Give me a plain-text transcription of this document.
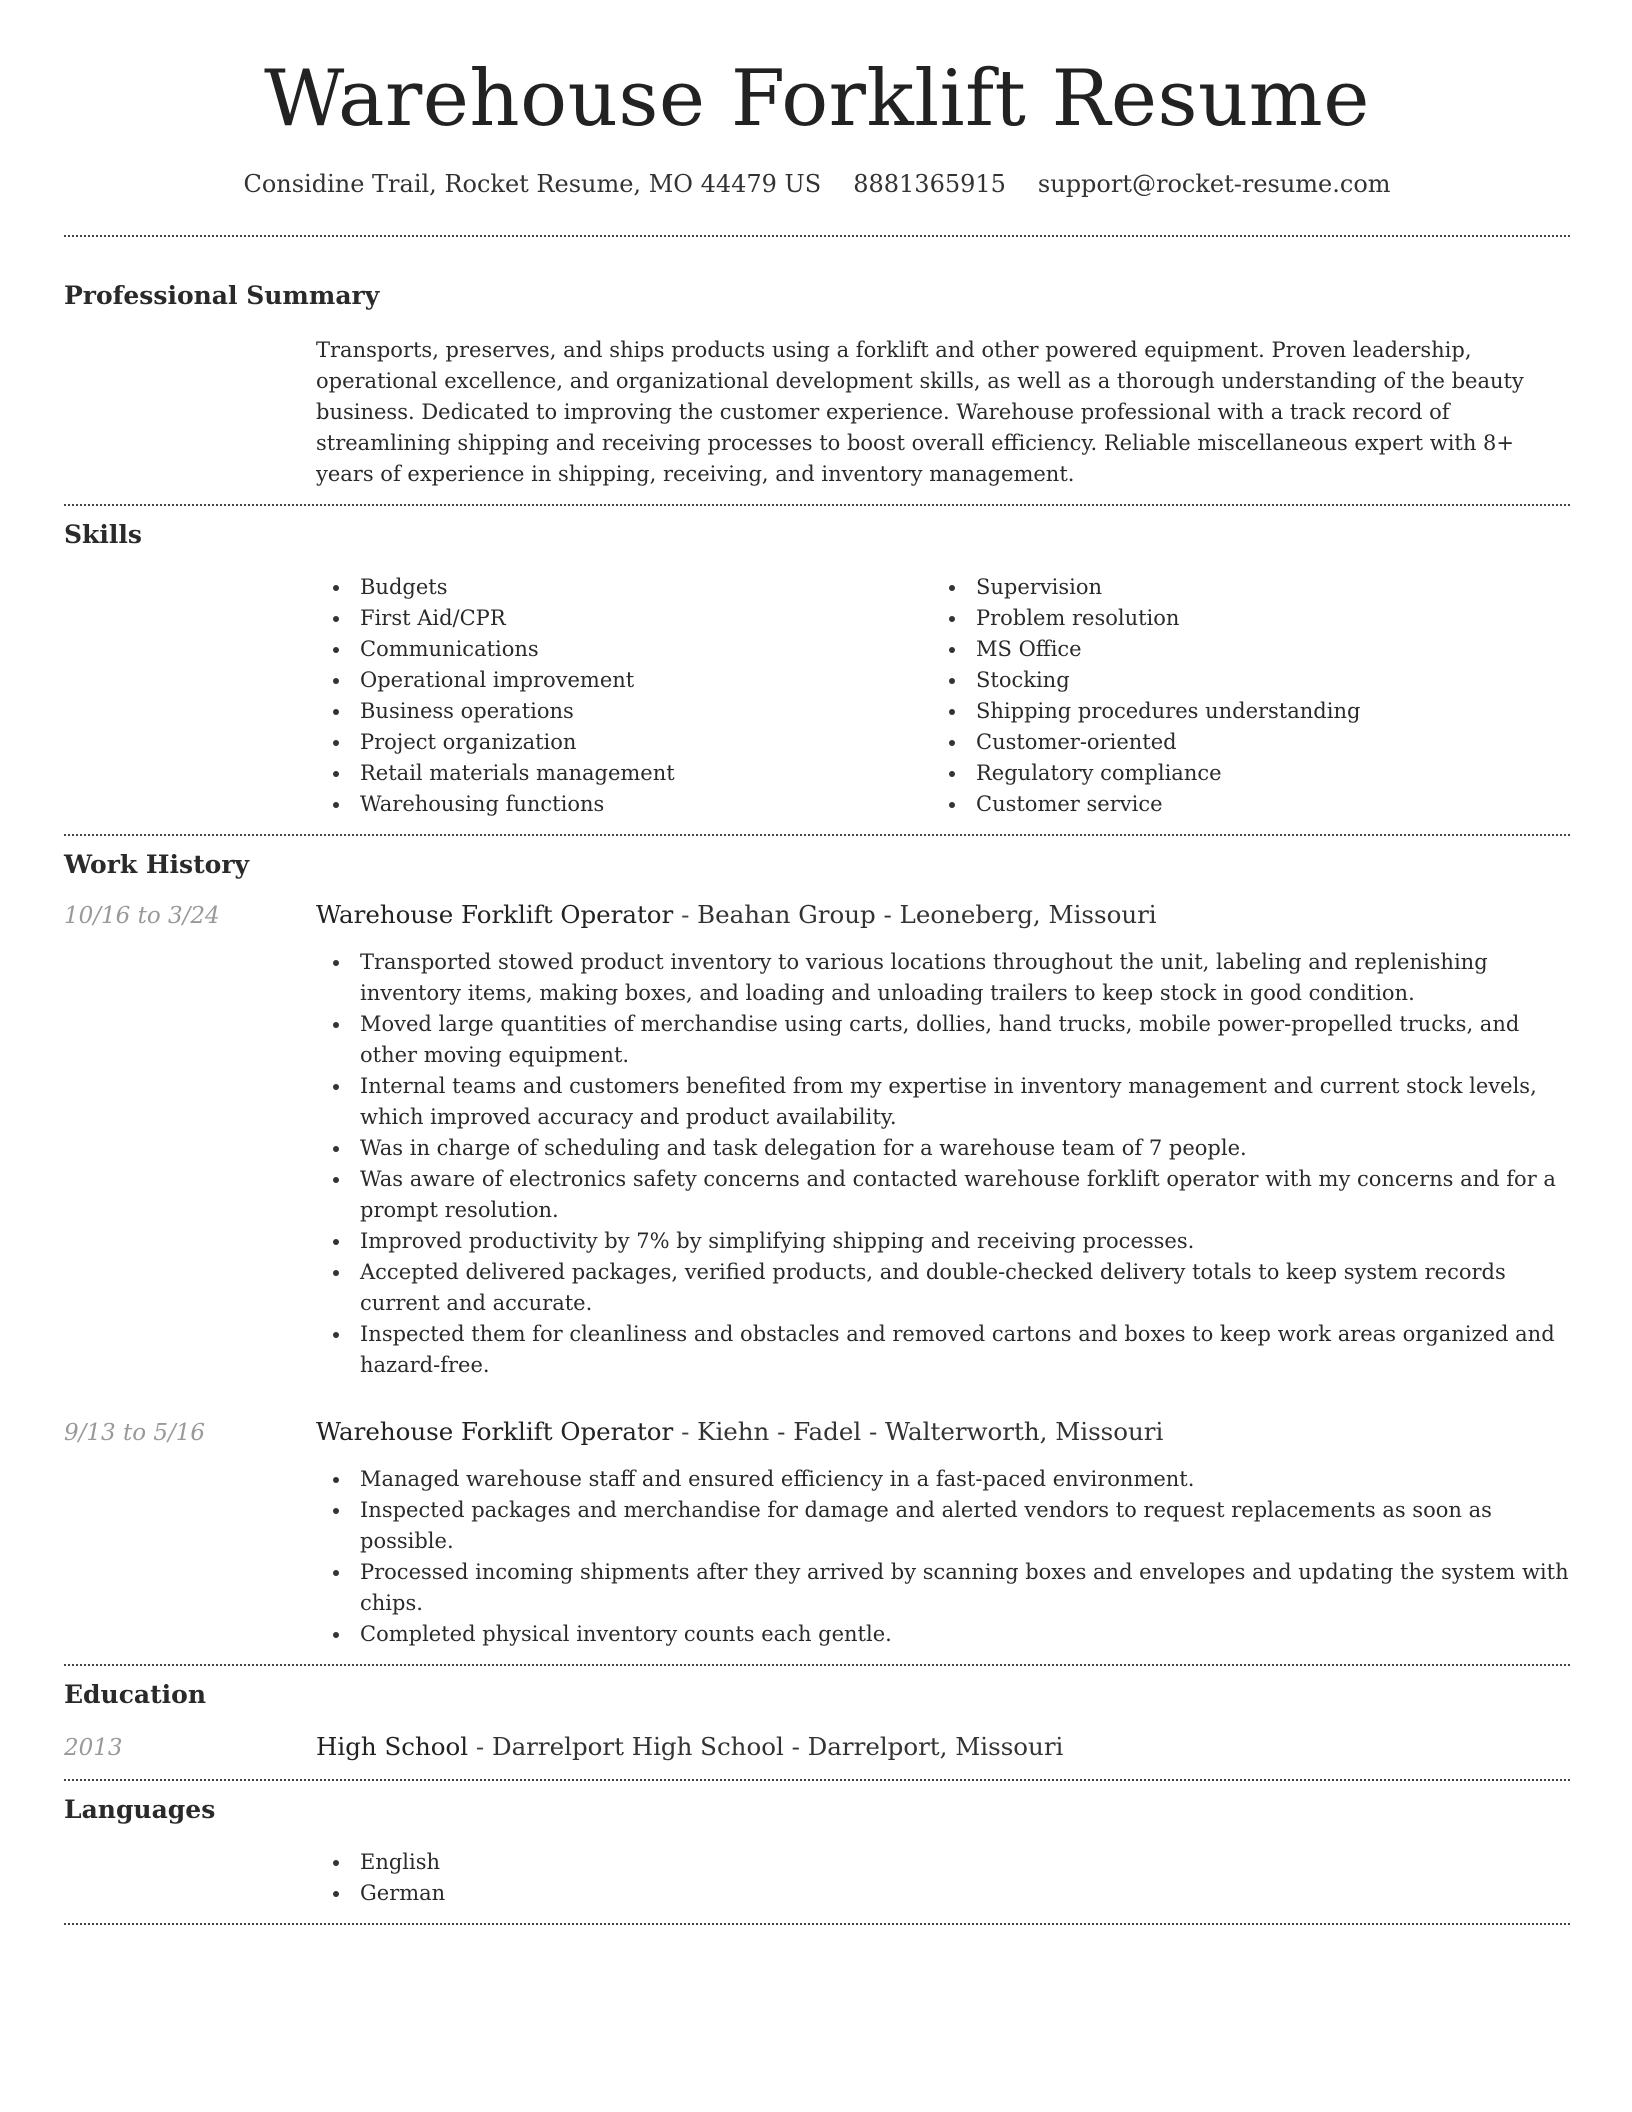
Warehouse Forklift Resume
Considine Trail, Rocket Resume, MO 44479 US 8881365915 support@rocket-resume.com
Professional Summary

Transports, preserves, and ships products using a forklift and other powered equipment. Proven leadership, operational excellence, and organizational development skills, as well as a thorough understanding of the beauty business. Dedicated to improving the customer experience. Warehouse professional with a track record of streamlining shipping and receiving processes to boost overall efficiency. Reliable miscellaneous expert with 8+ years of experience in shipping, receiving, and inventory management.

Skills
Budgets
First Aid/CPR
Communications
Operational improvement
Business operations
Project organization
Retail materials management
Warehousing functions
Supervision
Problem resolution
MS Office
Stocking
Shipping procedures understanding
Customer-oriented
Regulatory compliance
Customer service
Work History
10/16 to 3/24	Warehouse Forklift Operator - Beahan Group - Leoneberg, Missouri
Transported stowed product inventory to various locations throughout the unit, labeling and replenishing inventory items, making boxes, and loading and unloading trailers to keep stock in good condition.
Moved large quantities of merchandise using carts, dollies, hand trucks, mobile power-propelled trucks, and other moving equipment.
Internal teams and customers benefited from my expertise in inventory management and current stock levels, which improved accuracy and product availability.
Was in charge of scheduling and task delegation for a warehouse team of 7 people.
Was aware of electronics safety concerns and contacted warehouse forklift operator with my concerns and for a prompt resolution.
Improved productivity by 7% by simplifying shipping and receiving processes.
Accepted delivered packages, verified products, and double-checked delivery totals to keep system records current and accurate.
Inspected them for cleanliness and obstacles and removed cartons and boxes to keep work areas organized and hazard-free.
9/13 to 5/16	Warehouse Forklift Operator - Kiehn - Fadel - Walterworth, Missouri
Managed warehouse staff and ensured efficiency in a fast-paced environment.
Inspected packages and merchandise for damage and alerted vendors to request replacements as soon as possible.
Processed incoming shipments after they arrived by scanning boxes and envelopes and updating the system with chips.
Completed physical inventory counts each gentle.
Education
2013	High School - Darrelport High School - Darrelport, Missouri
Languages
English
German
